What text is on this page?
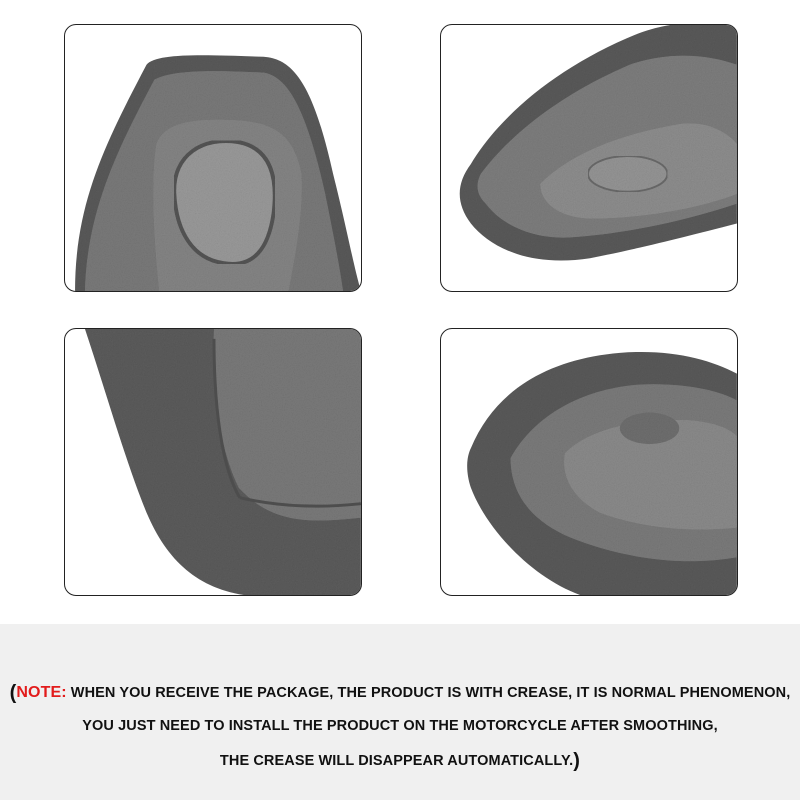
(NOTE: WHEN YOU RECEIVE THE PACKAGE, THE PRODUCT IS WITH CREASE, IT IS NORMAL PHENOMENON,
YOU JUST NEED TO INSTALL THE PRODUCT ON THE MOTORCYCLE AFTER SMOOTHING,
THE CREASE WILL DISAPPEAR AUTOMATICALLY.)
